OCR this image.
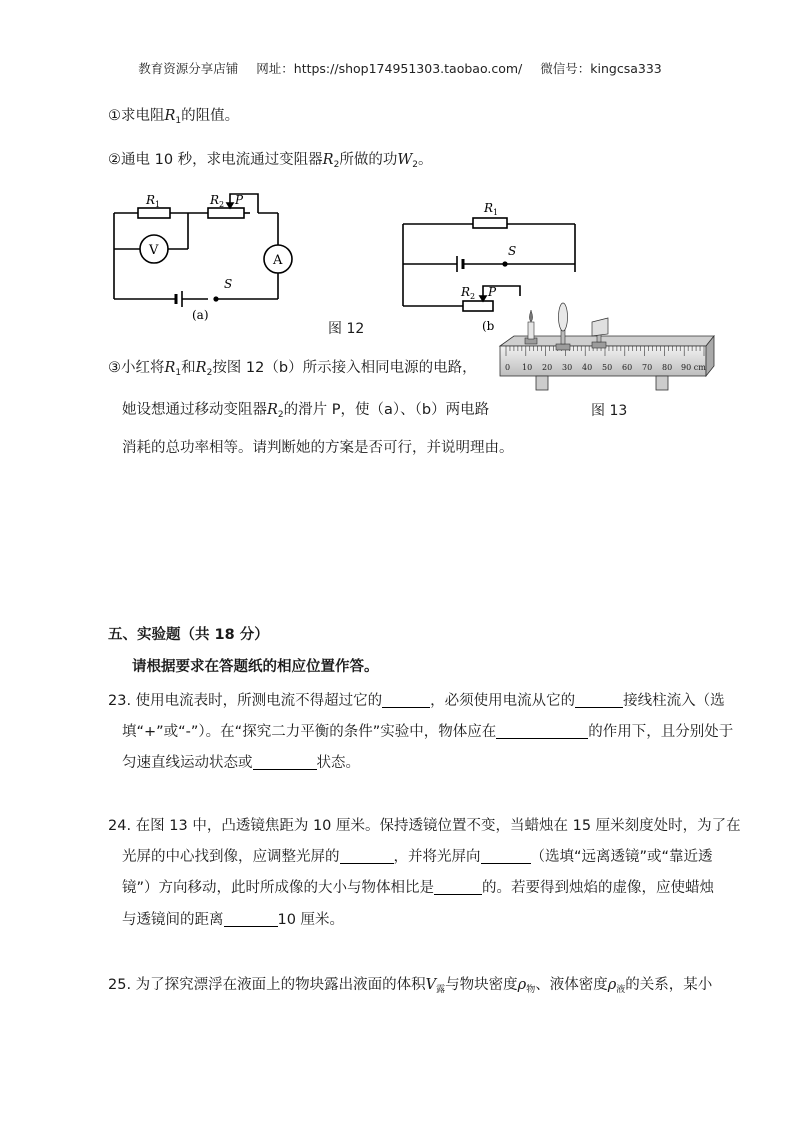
教育资源分享店铺 网址：https://shop174951303.taobao.com/ 微信号：kingcsa333
①求电阻$R_1$的阻值。
②通电 10 秒，求电流通过变阻器$R_2$所做的功$W_2$。
R 1	R 2 P
V
A
S
(a)
图 12
R 1
S
R 2 P
(b
0 10 20 30 40 50 60 70 80 90 cm
图 13
③小红将$R_1$和$R_2$按图 12（b）所示接入相同电源的电路，
她设想通过移动变阻器$R_2$的滑片 P，使（a）、（b）两电路
消耗的总功率相等。请判断她的方案是否可行，并说明理由。
五、实验题（共 18 分）
请根据要求在答题纸的相应位置作答。
23. 使用电流表时，所测电流不得超过它的	，必须使用电流从它的	接线柱流入（选
填“+”或“-”）。在“探究二力平衡的条件”实验中，物体应在	的作用下，且分别处于
匀速直线运动状态或	状态。
24. 在图 13 中，凸透镜焦距为 10 厘米。保持透镜位置不变，当蜡烛在 15 厘米刻度处时，为了在
光屏的中心找到像，应调整光屏的	，并将光屏向	（选填“远离透镜”或“靠近透
镜”）方向移动，此时所成像的大小与物体相比是	的。若要得到烛焰的虚像，应使蜡烛
与透镜间的距离	10 厘米。
25. 为了探究漂浮在液面上的物块露出液面的体积$V_露$与物块密度$\rho_物$、液体密度$\rho_液$的关系，某小
